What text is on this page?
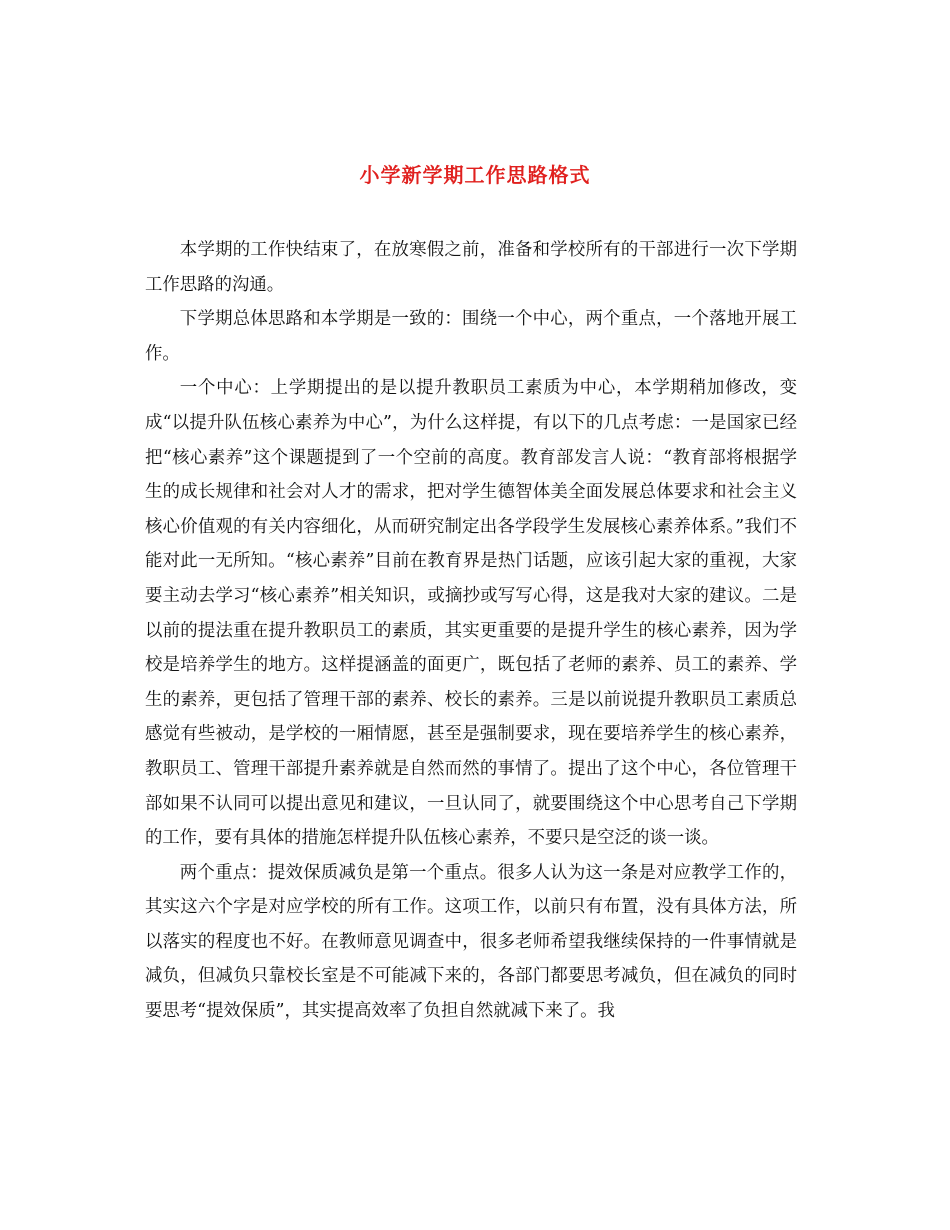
小学新学期工作思路格式

本学期的工作快结束了，在放寒假之前，准备和学校所有的干部进行一次下学期工作思路的沟通。

下学期总体思路和本学期是一致的：围绕一个中心，两个重点，一个落地开展工作。

一个中心：上学期提出的是以提升教职员工素质为中心，本学期稍加修改，变成“以提升队伍核心素养为中心”，为什么这样提，有以下的几点考虑：一是国家已经把“核心素养”这个课题提到了一个空前的高度。教育部发言人说：“教育部将根据学生的成长规律和社会对人才的需求，把对学生德智体美全面发展总体要求和社会主义核心价值观的有关内容细化，从而研究制定出各学段学生发展核心素养体系。”我们不能对此一无所知。“核心素养”目前在教育界是热门话题，应该引起大家的重视，大家要主动去学习“核心素养”相关知识，或摘抄或写写心得，这是我对大家的建议。二是以前的提法重在提升教职员工的素质，其实更重要的是提升学生的核心素养，因为学校是培养学生的地方。这样提涵盖的面更广，既包括了老师的素养、员工的素养、学生的素养，更包括了管理干部的素养、校长的素养。三是以前说提升教职员工素质总感觉有些被动，是学校的一厢情愿，甚至是强制要求，现在要培养学生的核心素养，教职员工、管理干部提升素养就是自然而然的事情了。提出了这个中心，各位管理干部如果不认同可以提出意见和建议，一旦认同了，就要围绕这个中心思考自己下学期的工作，要有具体的措施怎样提升队伍核心素养，不要只是空泛的谈一谈。

两个重点：提效保质减负是第一个重点。很多人认为这一条是对应教学工作的，其实这六个字是对应学校的所有工作。这项工作，以前只有布置，没有具体方法，所以落实的程度也不好。在教师意见调查中，很多老师希望我继续保持的一件事情就是减负，但减负只靠校长室是不可能减下来的，各部门都要思考减负，但在减负的同时要思考“提效保质”，其实提高效率了负担自然就减下来了。我
